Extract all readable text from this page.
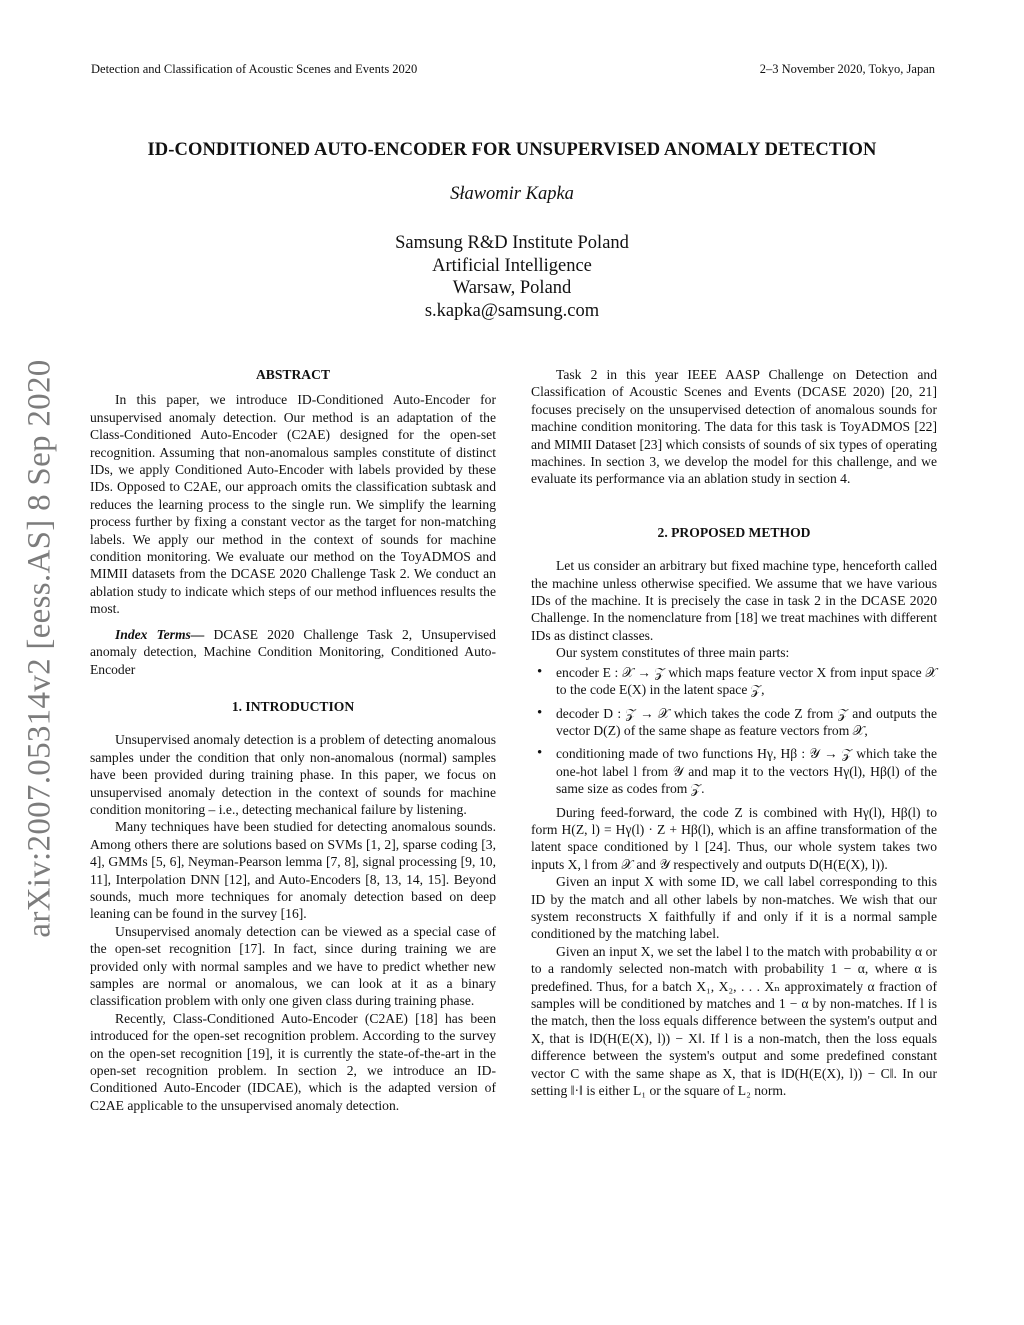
Detection and Classification of Acoustic Scenes and Events 2020	2–3 November 2020, Tokyo, Japan
arXiv:2007.05314v2 [eess.AS] 8 Sep 2020
ID-CONDITIONED AUTO-ENCODER FOR UNSUPERVISED ANOMALY DETECTION
Sławomir Kapka
Samsung R&D Institute Poland
Artificial Intelligence
Warsaw, Poland
s.kapka@samsung.com
ABSTRACT

In this paper, we introduce ID-Conditioned Auto-Encoder for unsupervised anomaly detection. Our method is an adaptation of the Class-Conditioned Auto-Encoder (C2AE) designed for the open-set recognition. Assuming that non-anomalous samples constitute of distinct IDs, we apply Conditioned Auto-Encoder with labels provided by these IDs. Opposed to C2AE, our approach omits the classification subtask and reduces the learning process to the single run. We simplify the learning process further by fixing a constant vector as the target for non-matching labels. We apply our method in the context of sounds for machine condition monitoring. We evaluate our method on the ToyADMOS and MIMII datasets from the DCASE 2020 Challenge Task 2. We conduct an ablation study to indicate which steps of our method influences results the most.

Index Terms— DCASE 2020 Challenge Task 2, Unsupervised anomaly detection, Machine Condition Monitoring, Conditioned Auto-Encoder

1. INTRODUCTION

Unsupervised anomaly detection is a problem of detecting anomalous samples under the condition that only non-anomalous (normal) samples have been provided during training phase. In this paper, we focus on unsupervised anomaly detection in the context of sounds for machine condition monitoring – i.e., detecting mechanical failure by listening.

Many techniques have been studied for detecting anomalous sounds. Among others there are solutions based on SVMs [1, 2], sparse coding [3, 4], GMMs [5, 6], Neyman-Pearson lemma [7, 8], signal processing [9, 10, 11], Interpolation DNN [12], and Auto-Encoders [8, 13, 14, 15]. Beyond sounds, much more techniques for anomaly detection based on deep leaning can be found in the survey [16].

Unsupervised anomaly detection can be viewed as a special case of the open-set recognition [17]. In fact, since during training we are provided only with normal samples and we have to predict whether new samples are normal or anomalous, we can look at it as a binary classification problem with only one given class during training phase.

Recently, Class-Conditioned Auto-Encoder (C2AE) [18] has been introduced for the open-set recognition problem. According to the survey on the open-set recognition [19], it is currently the state-of-the-art in the open-set recognition problem. In section 2, we introduce an ID-Conditioned Auto-Encoder (IDCAE), which is the adapted version of C2AE applicable to the unsupervised anomaly detection.

Task 2 in this year IEEE AASP Challenge on Detection and Classification of Acoustic Scenes and Events (DCASE 2020) [20, 21] focuses precisely on the unsupervised detection of anomalous sounds for machine condition monitoring. The data for this task is ToyADMOS [22] and MIMII Dataset [23] which consists of sounds of six types of operating machines. In section 3, we develop the model for this challenge, and we evaluate its performance via an ablation study in section 4.

2. PROPOSED METHOD

Let us consider an arbitrary but fixed machine type, henceforth called the machine unless otherwise specified. We assume that we have various IDs of the machine. It is precisely the case in task 2 in the DCASE 2020 Challenge. In the nomenclature from [18] we treat machines with different IDs as distinct classes.

Our system constitutes of three main parts:

• encoder E : 𝒳 → 𝒵 which maps feature vector X from input space 𝒳 to the code E(X) in the latent space 𝒵,
• decoder D : 𝒵 → 𝒳 which takes the code Z from 𝒵 and outputs the vector D(Z) of the same shape as feature vectors from 𝒳,
• conditioning made of two functions Hγ, Hβ : 𝒴 → 𝒵 which take the one-hot label l from 𝒴 and map it to the vectors Hγ(l), Hβ(l) of the same size as codes from 𝒵.

During feed-forward, the code Z is combined with Hγ(l), Hβ(l) to form H(Z, l) = Hγ(l) · Z + Hβ(l), which is an affine transformation of the latent space conditioned by l [24]. Thus, our whole system takes two inputs X, l from 𝒳 and 𝒴 respectively and outputs D(H(E(X), l)).

Given an input X with some ID, we call label corresponding to this ID by the match and all other labels by non-matches. We wish that our system reconstructs X faithfully if and only if it is a normal sample conditioned by the matching label.

Given an input X, we set the label l to the match with probability α or to a randomly selected non-match with probability 1 − α, where α is predefined. Thus, for a batch X₁, X₂, . . . Xₙ approximately α fraction of samples will be conditioned by matches and 1 − α by non-matches. If l is the match, then the loss equals difference between the system's output and X, that is ‖D(H(E(X), l)) − X‖. If l is a non-match, then the loss equals difference between the system's output and some predefined constant vector C with the same shape as X, that is ‖D(H(E(X), l)) − C‖. In our setting ‖·‖ is either L₁ or the square of L₂ norm.
